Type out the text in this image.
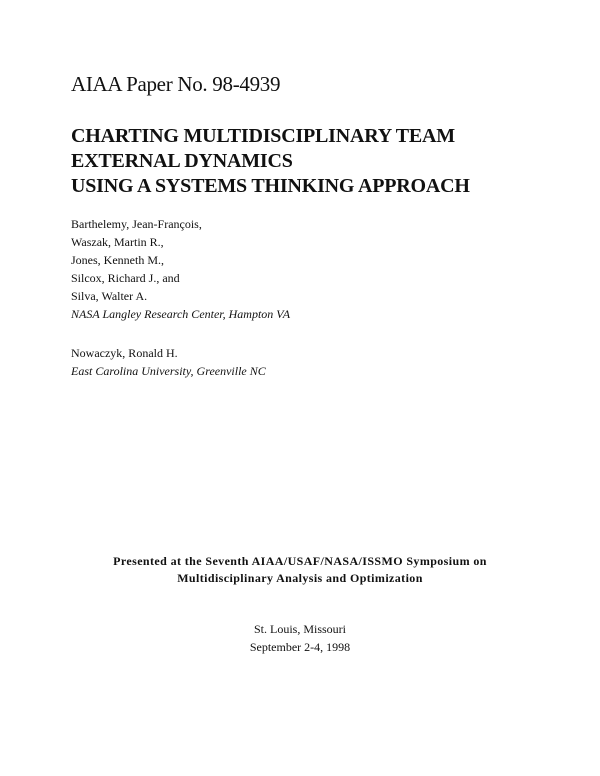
AIAA Paper No. 98-4939
CHARTING MULTIDISCIPLINARY TEAM
EXTERNAL DYNAMICS
USING A SYSTEMS THINKING APPROACH
Barthelemy, Jean-François,
Waszak, Martin R.,
Jones, Kenneth M.,
Silcox, Richard J., and
Silva, Walter A.
NASA Langley Research Center, Hampton VA
Nowaczyk, Ronald H.
East Carolina University, Greenville NC
Presented at the Seventh AIAA/USAF/NASA/ISSMO Symposium on
Multidisciplinary Analysis and Optimization
St. Louis, Missouri
September 2-4, 1998
